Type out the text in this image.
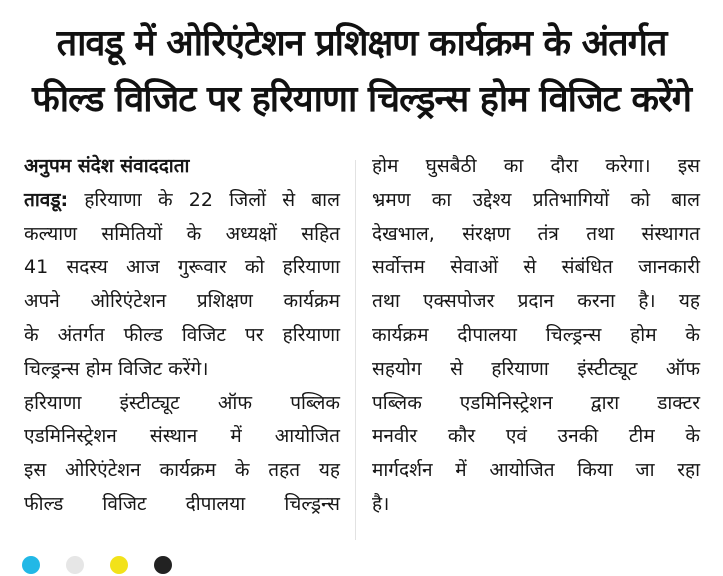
तावडू में ओरिएंटेशन प्रशिक्षण कार्यक्रम के अंतर्गत
फील्ड विजिट पर हरियाणा चिल्ड्रन्स होम विजिट करेंगे
अनुपम संदेश संवाददाता
तावडू: हरियाणा के 22 जिलों से बाल
कल्याण समितियों के अध्यक्षों सहित
41 सदस्य आज गुरूवार को हरियाणा
अपने ओरिएंटेशन प्रशिक्षण कार्यक्रम
के अंतर्गत फील्ड विजिट पर हरियाणा
चिल्ड्रन्स होम विजिट करेंगे।
हरियाणा इंस्टीट्यूट ऑफ पब्लिक
एडमिनिस्ट्रेशन संस्थान में आयोजित
इस ओरिएंटेशन कार्यक्रम के तहत यह
फील्ड विजिट दीपालया चिल्ड्रन्स
होम घुसबैठी का दौरा करेगा। इस
भ्रमण का उद्देश्य प्रतिभागियों को बाल
देखभाल, संरक्षण तंत्र तथा संस्थागत
सर्वोत्तम सेवाओं से संबंधित जानकारी
तथा एक्सपोजर प्रदान करना है। यह
कार्यक्रम दीपालया चिल्ड्रन्स होम के
सहयोग से हरियाणा इंस्टीट्यूट ऑफ
पब्लिक एडमिनिस्ट्रेशन द्वारा डाक्टर
मनवीर कौर एवं उनकी टीम के
मार्गदर्शन में आयोजित किया जा रहा
है।
